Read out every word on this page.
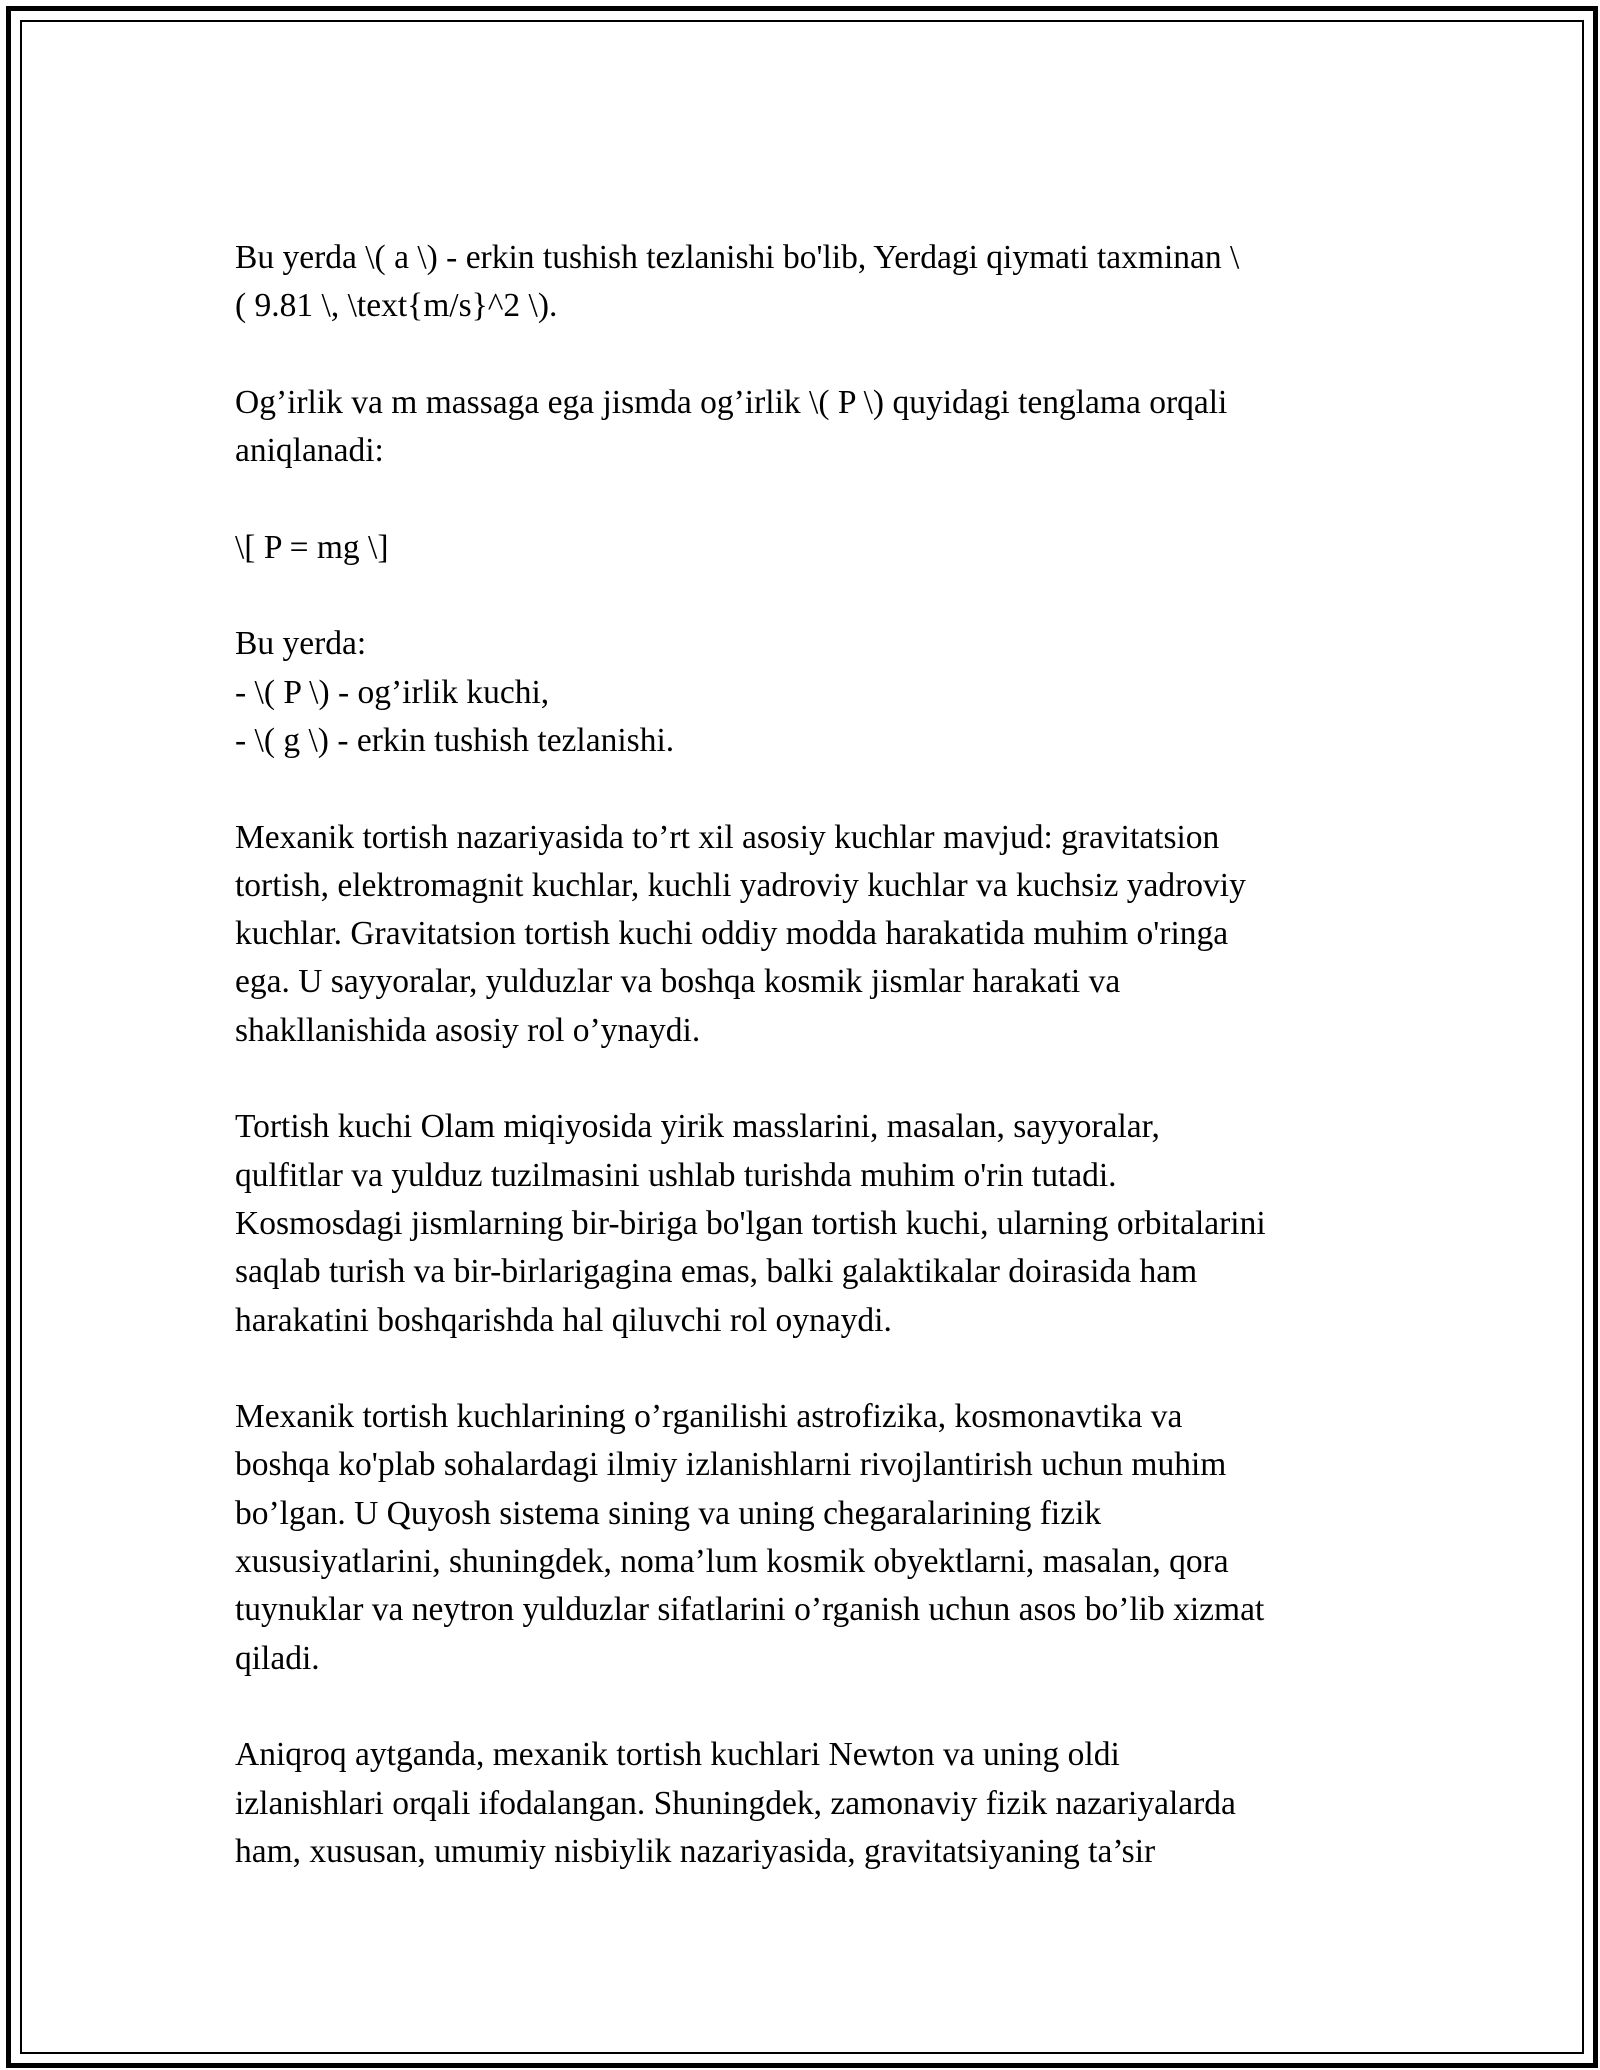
Bu yerda \( a \) - erkin tushish tezlanishi bo'lib, Yerdagi qiymati taxminan \
( 9.81 \, \text{m/s}^2 \).
Og’irlik va m massaga ega jismda og’irlik \( P \) quyidagi tenglama orqali
aniqlanadi:
\[ P = mg \]
Bu yerda:
- \( P \) - og’irlik kuchi,
- \( g \) - erkin tushish tezlanishi.
Mexanik tortish nazariyasida to’rt xil asosiy kuchlar mavjud: gravitatsion
tortish, elektromagnit kuchlar, kuchli yadroviy kuchlar va kuchsiz yadroviy
kuchlar. Gravitatsion tortish kuchi oddiy modda harakatida muhim o'ringa
ega. U sayyoralar, yulduzlar va boshqa kosmik jismlar harakati va
shakllanishida asosiy rol o’ynaydi.
Tortish kuchi Olam miqiyosida yirik masslarini, masalan, sayyoralar,
qulfitlar va yulduz tuzilmasini ushlab turishda muhim o'rin tutadi.
Kosmosdagi jismlarning bir-biriga bo'lgan tortish kuchi, ularning orbitalarini
saqlab turish va bir-birlarigagina emas, balki galaktikalar doirasida ham
harakatini boshqarishda hal qiluvchi rol oynaydi.
Mexanik tortish kuchlarining o’rganilishi astrofizika, kosmonavtika va
boshqa ko'plab sohalardagi ilmiy izlanishlarni rivojlantirish uchun muhim
bo’lgan. U Quyosh sistema sining va uning chegaralarining fizik
xususiyatlarini, shuningdek, noma’lum kosmik obyektlarni, masalan, qora
tuynuklar va neytron yulduzlar sifatlarini o’rganish uchun asos bo’lib xizmat
qiladi.
Aniqroq aytganda, mexanik tortish kuchlari Newton va uning oldi
izlanishlari orqali ifodalangan. Shuningdek, zamonaviy fizik nazariyalarda
ham, xususan, umumiy nisbiylik nazariyasida, gravitatsiyaning ta’sir
